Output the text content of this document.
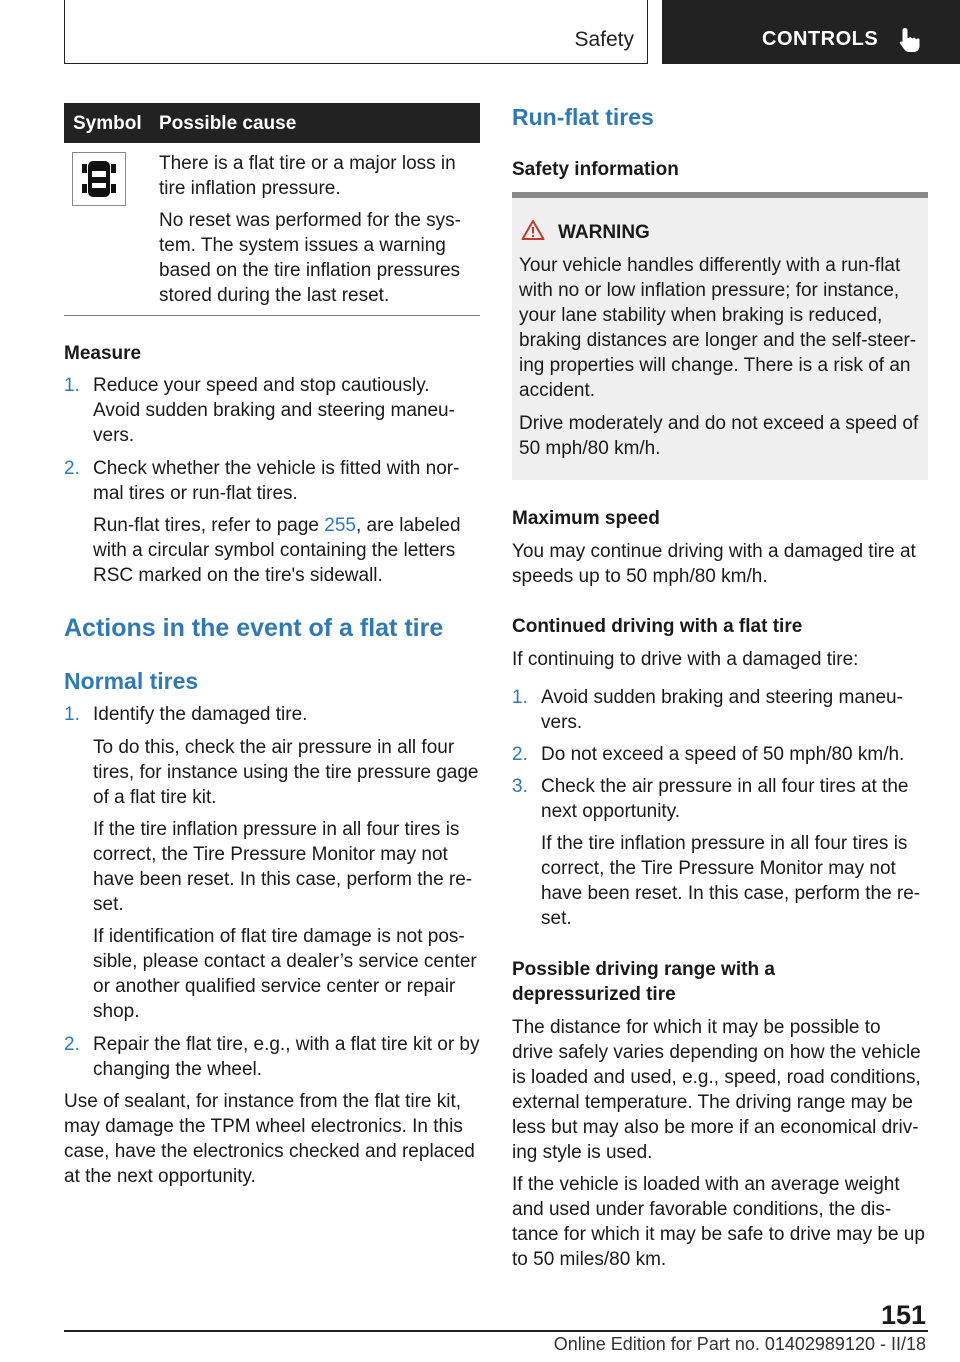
Safety	CONTROLS
Symbol Possible cause
There is a flat tire or a major loss in
tire inflation pressure.
No reset was performed for the sys-
tem. The system issues a warning
based on the tire inflation pressures
stored during the last reset.
Measure
1. Reduce your speed and stop cautiously.
Avoid sudden braking and steering maneu-
vers.
2. Check whether the vehicle is fitted with nor-
mal tires or run-flat tires.
Run-flat tires, refer to page 255, are labeled
with a circular symbol containing the letters
RSC marked on the tire's sidewall.
Actions in the event of a flat tire
Normal tires
1. Identify the damaged tire.
To do this, check the air pressure in all four
tires, for instance using the tire pressure gage
of a flat tire kit.
If the tire inflation pressure in all four tires is
correct, the Tire Pressure Monitor may not
have been reset. In this case, perform the re-
set.
If identification of flat tire damage is not pos-
sible, please contact a dealer’s service center
or another qualified service center or repair
shop.
2. Repair the flat tire, e.g., with a flat tire kit or by
changing the wheel.
Use of sealant, for instance from the flat tire kit,
may damage the TPM wheel electronics. In this
case, have the electronics checked and replaced
at the next opportunity.
Run-flat tires
Safety information
WARNING
Your vehicle handles differently with a run-flat
with no or low inflation pressure; for instance,
your lane stability when braking is reduced,
braking distances are longer and the self-steer-
ing properties will change. There is a risk of an
accident.
Drive moderately and do not exceed a speed of
50 mph/80 km/h.
Maximum speed
You may continue driving with a damaged tire at
speeds up to 50 mph/80 km/h.
Continued driving with a flat tire
If continuing to drive with a damaged tire:
1. Avoid sudden braking and steering maneu-
vers.
2. Do not exceed a speed of 50 mph/80 km/h.
3. Check the air pressure in all four tires at the
next opportunity.
If the tire inflation pressure in all four tires is
correct, the Tire Pressure Monitor may not
have been reset. In this case, perform the re-
set.
Possible driving range with a
depressurized tire
The distance for which it may be possible to
drive safely varies depending on how the vehicle
is loaded and used, e.g., speed, road conditions,
external temperature. The driving range may be
less but may also be more if an economical driv-
ing style is used.
If the vehicle is loaded with an average weight
and used under favorable conditions, the dis-
tance for which it may be safe to drive may be up
to 50 miles/80 km.
151
Online Edition for Part no. 01402989120 - II/18
